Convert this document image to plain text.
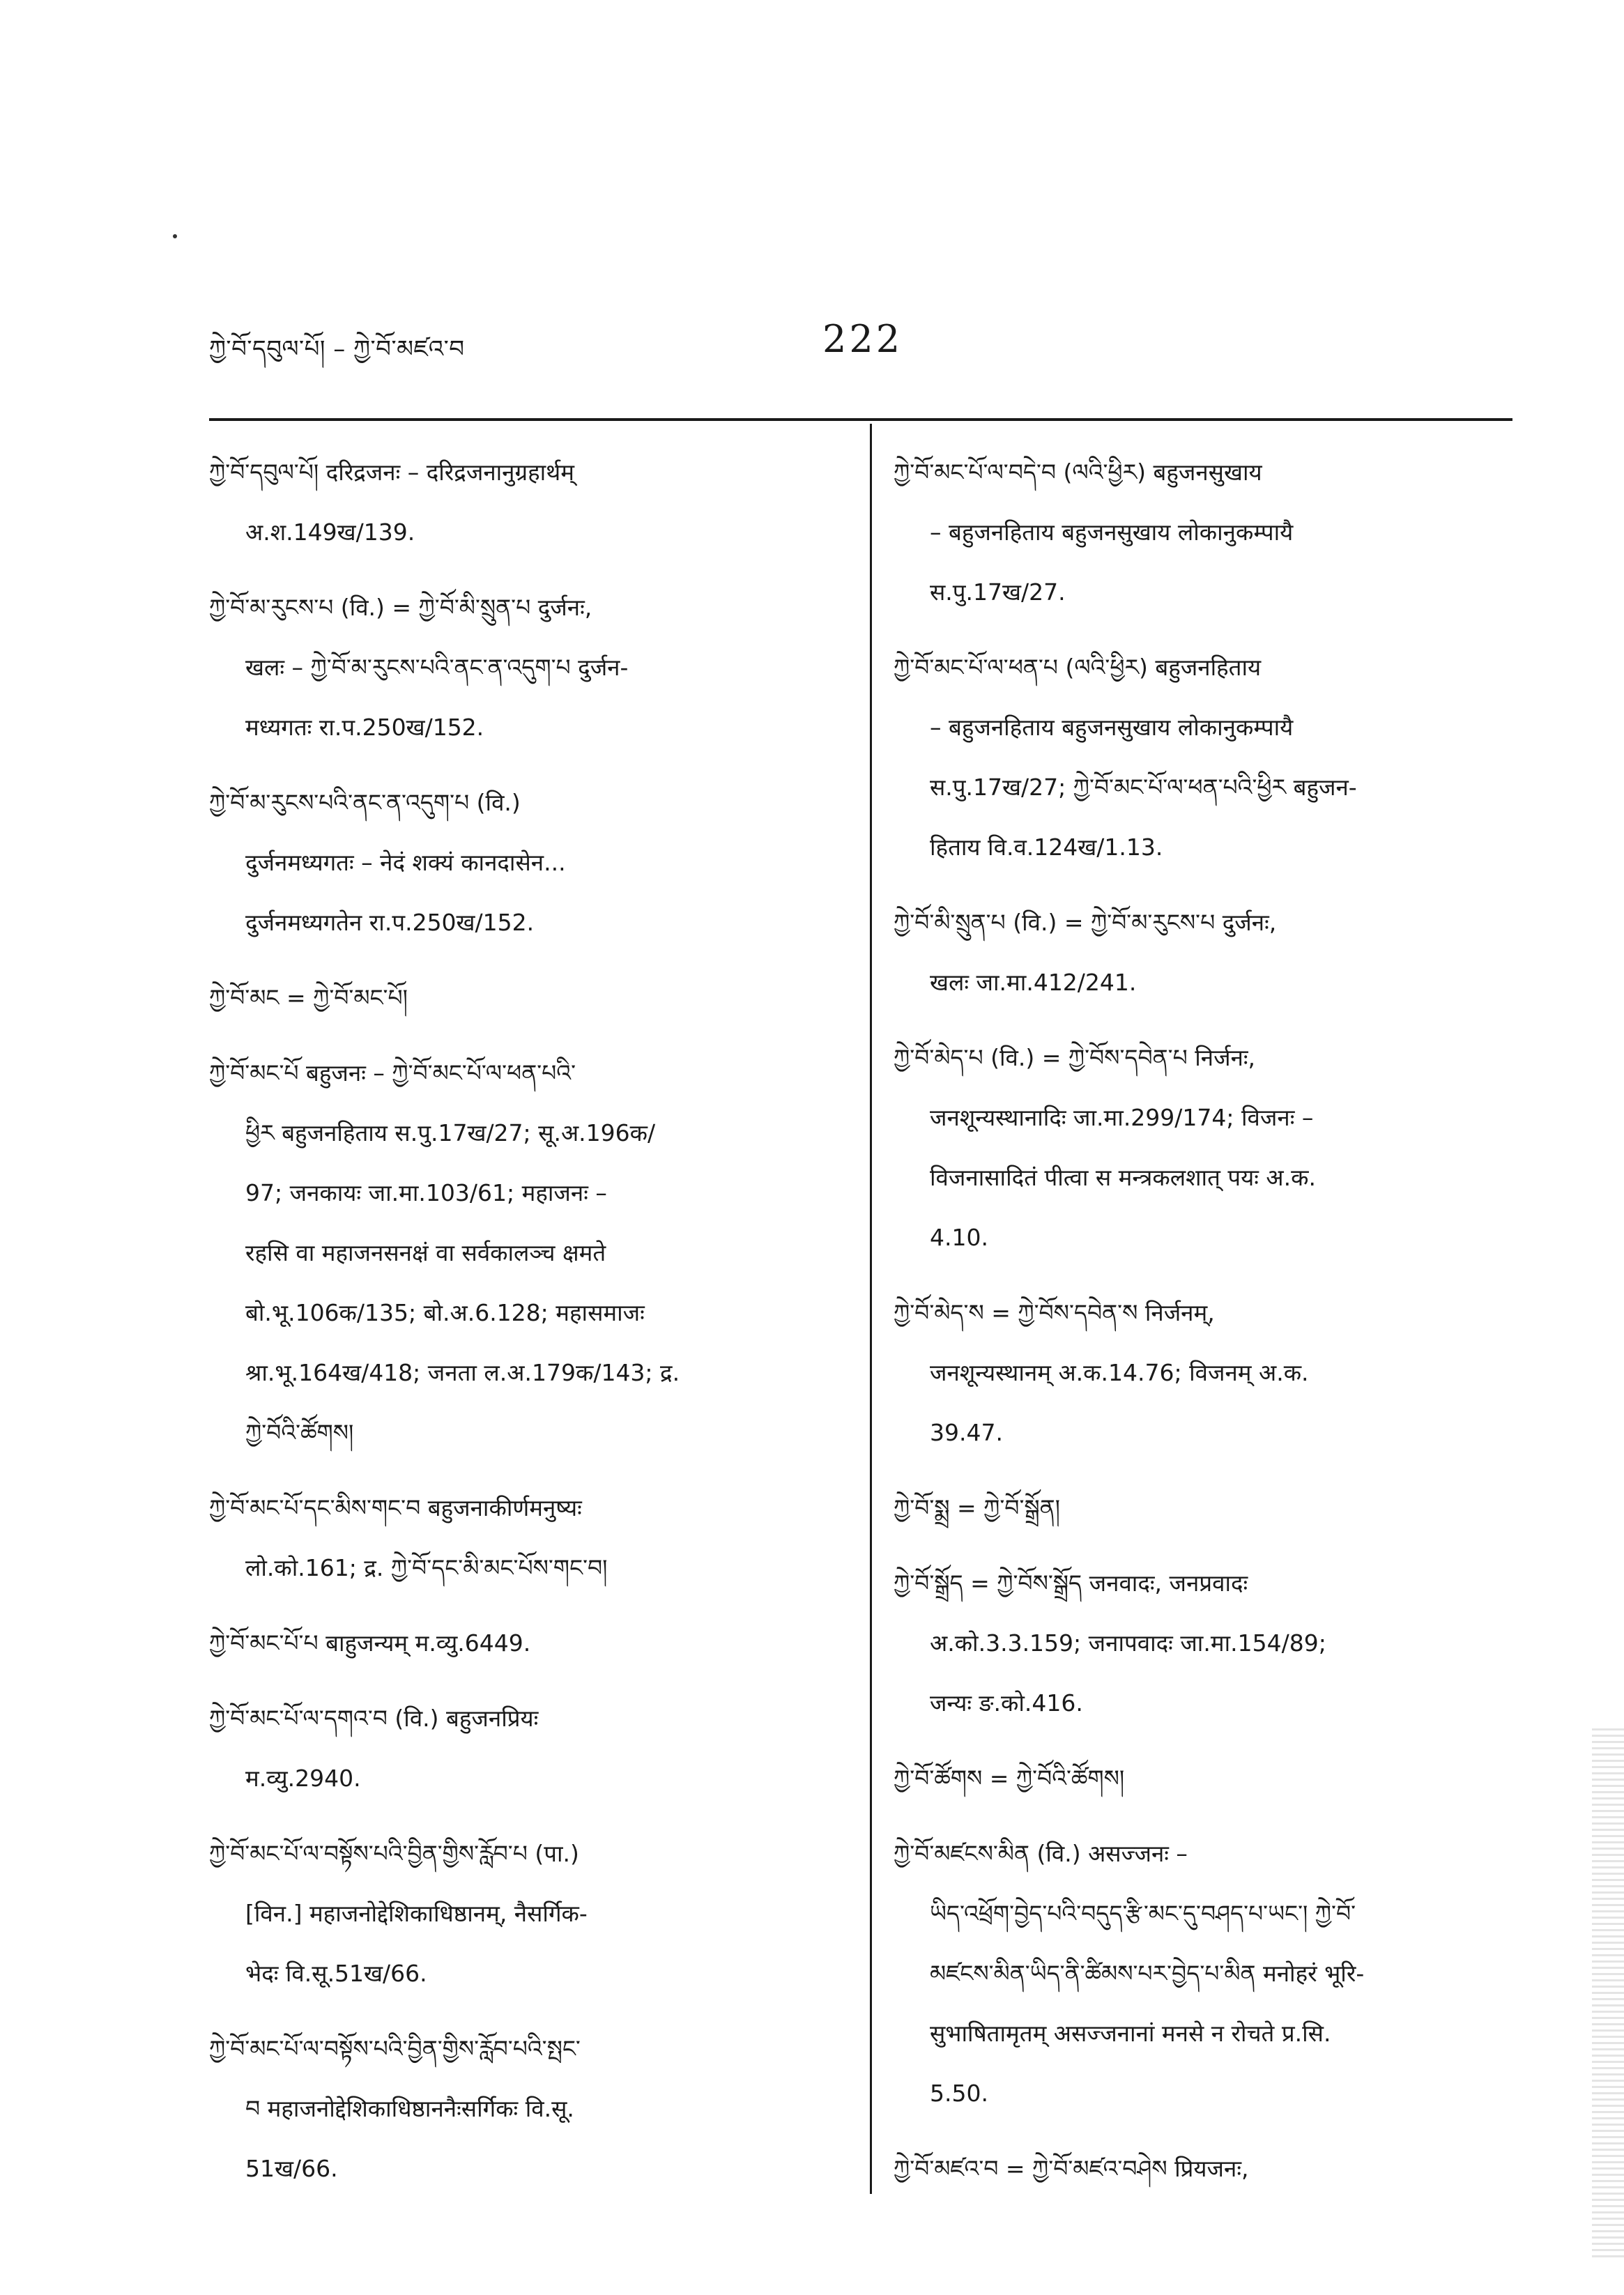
ཀྱེ་བོ་དབུལ་པོ། – ཀྱེ་བོ་མཛའ་བ	222
ཀྱེ་བོ་དབུལ་པོ། दरिद्रजनः – दरिद्रजनानुग्रहार्थम्
अ.श.149ख/139.
ཀྱེ་བོ་མ་རུངས་པ (वि.) = ཀྱེ་བོ་མི་སྲུན་པ दुर्जनः,
खलः – ཀྱེ་བོ་མ་རུངས་པའི་ནང་ན་འདུག་པ दुर्जन-
मध्यगतः रा.प.250ख/152.
ཀྱེ་བོ་མ་རུངས་པའི་ནང་ན་འདུག་པ (वि.)
दुर्जनमध्यगतः – नेदं शक्यं कानदासेन...
दुर्जनमध्यगतेन रा.प.250ख/152.
ཀྱེ་བོ་མང = ཀྱེ་བོ་མང་པོ།
ཀྱེ་བོ་མང་པོ बहुजनः – ཀྱེ་བོ་མང་པོ་ལ་ཕན་པའི་
ཕྱིར बहुजनहिताय स.पु.17ख/27; सू.अ.196क/
97; जनकायः जा.मा.103/61; महाजनः –
रहसि वा महाजनसनक्षं वा सर्वकालञ्च क्षमते
बो.भू.106क/135; बो.अ.6.128; महासमाजः
श्रा.भू.164ख/418; जनता ल.अ.179क/143; द्र.
ཀྱེ་བོའི་ཚོགས།
ཀྱེ་བོ་མང་པོ་དང་མིས་གང་བ बहुजनाकीर्णमनुष्यः
लो.को.161; द्र. ཀྱེ་བོ་དང་མི་མང་པོས་གང་བ།
ཀྱེ་བོ་མང་པོ་པ बाहुजन्यम् म.व्यु.6449.
ཀྱེ་བོ་མང་པོ་ལ་དགའ་བ (वि.) बहुजनप्रियः
म.व्यु.2940.
ཀྱེ་བོ་མང་པོ་ལ་བསྟོས་པའི་བྱིན་གྱིས་རློབ་པ (पा.)
[विन.] महाजनोद्देशिकाधिष्ठानम्, नैसर्गिक-
भेदः वि.सू.51ख/66.
ཀྱེ་བོ་མང་པོ་ལ་བསྟོས་པའི་བྱིན་གྱིས་རློབ་པའི་སྤང་
བ महाजनोद्देशिकाधिष्ठाननैःसर्गिकः वि.सू.
51ख/66.
ཀྱེ་བོ་མང་པོ་ལ་བདེ་བ (ལའི་ཕྱིར) बहुजनसुखाय
– बहुजनहिताय बहुजनसुखाय लोकानुकम्पायै
स.पु.17ख/27.
ཀྱེ་བོ་མང་པོ་ལ་ཕན་པ (ལའི་ཕྱིར) बहुजनहिताय
– बहुजनहिताय बहुजनसुखाय लोकानुकम्पायै
स.पु.17ख/27; ཀྱེ་བོ་མང་པོ་ལ་ཕན་པའི་ཕྱིར बहुजन-
हिताय वि.व.124ख/1.13.
ཀྱེ་བོ་མི་སྲུན་པ (वि.) = ཀྱེ་བོ་མ་རུངས་པ दुर्जनः,
खलः जा.मा.412/241.
ཀྱེ་བོ་མེད་པ (वि.) = ཀྱེ་བོས་དབེན་པ निर्जनः,
जनशून्यस्थानादिः जा.मा.299/174; विजनः –
विजनासादितं पीत्वा स मन्त्रकलशात् पयः अ.क.
4.10.
ཀྱེ་བོ་མེད་ས = ཀྱེ་བོས་དབེན་ས निर्जनम्,
जनशून्यस्थानम् अ.क.14.76; विजनम् अ.क.
39.47.
ཀྱེ་བོ་སྨྲ = ཀྱེ་བོ་སྒྲོན།
ཀྱེ་བོ་སྒྲོད = ཀྱེ་བོས་སྒྲོད जनवादः, जनप्रवादः
अ.को.3.3.159; जनापवादः जा.मा.154/89;
जन्यः ङ.को.416.
ཀྱེ་བོ་ཚོགས = ཀྱེ་བོའི་ཚོགས།
ཀྱེ་བོ་མཛངས་མིན (वि.) असज्जनः –
ཡིད་འཕྲོག་བྱེད་པའི་བདུད་རྩི་མང་དུ་བཤད་པ་ཡང་། ཀྱེ་བོ་
མཛངས་མིན་ཡིད་ནི་ཚིམས་པར་བྱེད་པ་མིན मनोहरं भूरि-
सुभाषितामृतम् असज्जनानां मनसे न रोचते प्र.सि.
5.50.
ཀྱེ་བོ་མཛའ་བ = ཀྱེ་བོ་མཛའ་བཤེས प्रियजनः,
